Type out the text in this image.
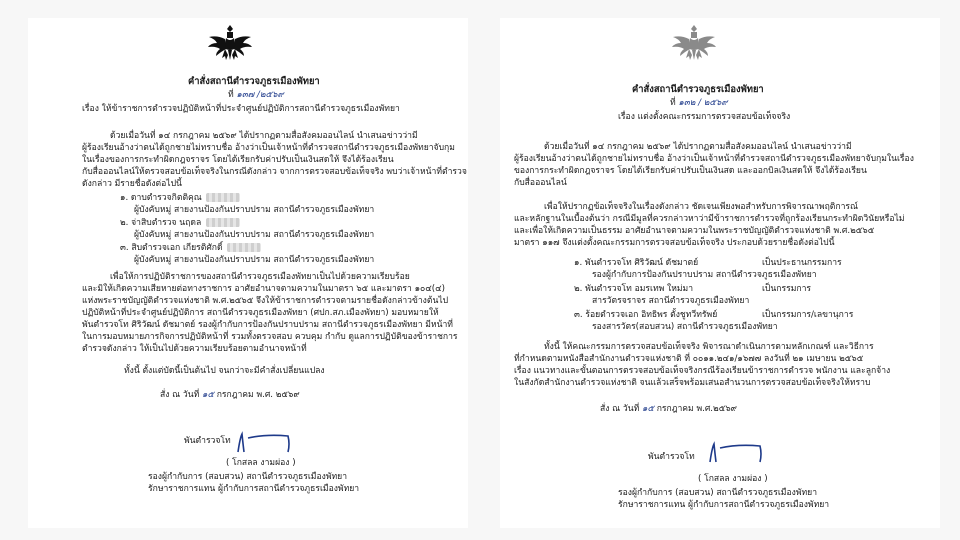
คำสั่งสถานีตำรวจภูธรเมืองพัทยา
ที่ ๑๓๗ /๒๕๖๙
เรื่อง ให้ข้าราชการตำรวจปฏิบัติหน้าที่ประจำศูนย์ปฏิบัติการสถานีตำรวจภูธรเมืองพัทยา
ด้วยเมื่อวันที่ ๑๔ กรกฎาคม ๒๕๖๙ ได้ปรากฏตามสื่อสังคมออนไลน์ นำเสนอข่าวว่ามี
ผู้ร้องเรียนอ้างว่าตนได้ถูกชายไม่ทราบชื่อ อ้างว่าเป็นเจ้าหน้าที่ตำรวจสถานีตำรวจภูธรเมืองพัทยาจับกุม
ในเรื่องของการกระทำผิดกฎจราจร โดยได้เรียกรับค่าปรับเป็นเงินสดให้ จึงได้ร้องเรียน
กับสื่อออนไลน์ให้ตรวจสอบข้อเท็จจริงในกรณีดังกล่าว จากการตรวจสอบข้อเท็จจริง พบว่าเจ้าหน้าที่ตำรวจ
ดังกล่าว มีรายชื่อดังต่อไปนี้
๑. ดาบตำรวจกิตติคุณ
ผู้บังคับหมู่ สายงานป้องกันปราบปราม สถานีตำรวจภูธรเมืองพัทยา
๒. จ่าสิบตำรวจ นฤดล
ผู้บังคับหมู่ สายงานป้องกันปราบปราม สถานีตำรวจภูธรเมืองพัทยา
๓. สิบตำรวจเอก เกียรติศักดิ์
ผู้บังคับหมู่ สายงานป้องกันปราบปราม สถานีตำรวจภูธรเมืองพัทยา
เพื่อให้การปฏิบัติราชการของสถานีตำรวจภูธรเมืองพัทยาเป็นไปด้วยความเรียบร้อย
และมิให้เกิดความเสียหายต่อทางราชการ อาศัยอำนาจตามความในมาตรา ๖๕ และมาตรา ๑๐๔(๔)
แห่งพระราชบัญญัติตำรวจแห่งชาติ พ.ศ.๒๕๖๕ จึงให้ข้าราชการตำรวจตามรายชื่อดังกล่าวข้างต้นไป
ปฏิบัติหน้าที่ประจำศูนย์ปฏิบัติการ สถานีตำรวจภูธรเมืองพัทยา (ศปก.สภ.เมืองพัทยา) มอบหมายให้
พันตำรวจโท ศิริวัฒน์ ดัชมาตย์ รองผู้กำกับการป้องกันปราบปราม สถานีตำรวจภูธรเมืองพัทยา มีหน้าที่
ในการมอบหมายภารกิจการปฏิบัติหน้าที่ รวมทั้งตรวจสอบ ควบคุม กำกับ ดูแลการปฏิบัติของข้าราชการ
ตำรวจดังกล่าว ให้เป็นไปด้วยความเรียบร้อยตามอำนาจหน้าที่
ทั้งนี้ ตั้งแต่บัดนี้เป็นต้นไป จนกว่าจะมีคำสั่งเปลี่ยนแปลง
สั่ง ณ วันที่ ๑๕ กรกฎาคม พ.ศ. ๒๕๖๙
พันตำรวจโท
( โกสลล งามผ่อง )
รองผู้กำกับการ (สอบสวน) สถานีตำรวจภูธรเมืองพัทยา
รักษาราชการแทน ผู้กำกับการสถานีตำรวจภูธรเมืองพัทยา
คำสั่งสถานีตำรวจภูธรเมืองพัทยา
ที่ ๑๓๒ / ๒๕๖๙
เรื่อง แต่งตั้งคณะกรรมการตรวจสอบข้อเท็จจริง
ด้วยเมื่อวันที่ ๑๔ กรกฎาคม ๒๕๖๙ ได้ปรากฏตามสื่อสังคมออนไลน์ นำเสนอข่าวว่ามี
ผู้ร้องเรียนอ้างว่าตนได้ถูกชายไม่ทราบชื่อ อ้างว่าเป็นเจ้าหน้าที่ตำรวจสถานีตำรวจภูธรเมืองพัทยาจับกุมในเรื่อง
ของการกระทำผิดกฎจราจร โดยได้เรียกรับค่าปรับเป็นเงินสด และออกบิลเงินสดให้ จึงได้ร้องเรียน
กับสื่อออนไลน์
เพื่อให้ปรากฏข้อเท็จจริงในเรื่องดังกล่าว ชัดเจนเพียงพอสำหรับการพิจารณาพฤติการณ์
และหลักฐานในเบื้องต้นว่า กรณีมีมูลที่ควรกล่าวหาว่ามีข้าราชการตำรวจที่ถูกร้องเรียนกระทำผิดวินัยหรือไม่
และเพื่อให้เกิดความเป็นธรรม อาศัยอำนาจตามความในพระราชบัญญัติตำรวจแห่งชาติ พ.ศ.๒๕๖๕
มาตรา ๑๑๗ จึงแต่งตั้งคณะกรรมการตรวจสอบข้อเท็จจริง ประกอบด้วยรายชื่อดังต่อไปนี้
๑. พันตำรวจโท ศิริวัฒน์ ดัชมาตย์	เป็นประธานกรรมการ
รองผู้กำกับการป้องกันปราบปราม สถานีตำรวจภูธรเมืองพัทยา
๒. พันตำรวจโท อมรเทพ ใหม่มา	เป็นกรรมการ
สารวัตรจราจร สถานีตำรวจภูธรเมืองพัทยา
๓. ร้อยตำรวจเอก อิทธิพร ตั้งชูทวีทรัพย์	เป็นกรรมการ/เลขานุการ
รองสารวัตร(สอบสวน) สถานีตำรวจภูธรเมืองพัทยา
ทั้งนี้ ให้คณะกรรมการตรวจสอบข้อเท็จจริง พิจารณาดำเนินการตามหลักเกณฑ์ และวิธีการ
ที่กำหนดตามหนังสือสำนักงานตำรวจแห่งชาติ ที่ ๐๐๑๑.๒๔๑/๑๖๗๗ ลงวันที่ ๒๑ เมษายน ๒๕๖๕
เรื่อง แนวทางและขั้นตอนการตรวจสอบข้อเท็จจริงกรณีร้องเรียนข้าราชการตำรวจ พนักงาน และลูกจ้าง
ในสังกัดสำนักงานตำรวจแห่งชาติ จนแล้วเสร็จพร้อมเสนอสำนวนการตรวจสอบข้อเท็จจริงให้ทราบ
สั่ง ณ วันที่ ๑๕ กรกฎาคม พ.ศ.๒๕๖๙
พันตำรวจโท
( โกสลล งามผ่อง )
รองผู้กำกับการ (สอบสวน) สถานีตำรวจภูธรเมืองพัทยา
รักษาราชการแทน ผู้กำกับการสถานีตำรวจภูธรเมืองพัทยา
